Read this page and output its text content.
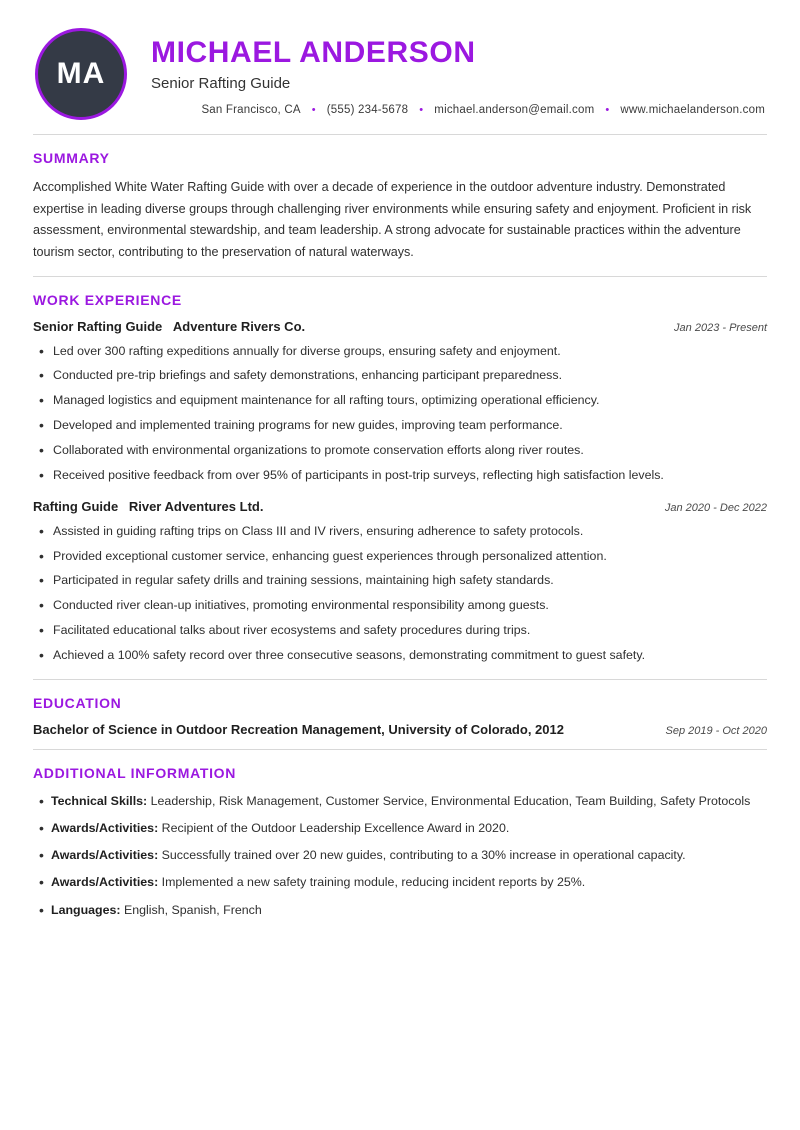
MA
MICHAEL ANDERSON
Senior Rafting Guide
San Francisco, CA • (555) 234-5678 • michael.anderson@email.com • www.michaelanderson.com
SUMMARY

Accomplished White Water Rafting Guide with over a decade of experience in the outdoor adventure industry. Demonstrated expertise in leading diverse groups through challenging river environments while ensuring safety and enjoyment. Proficient in risk assessment, environmental stewardship, and team leadership. A strong advocate for sustainable practices within the adventure tourism sector, contributing to the preservation of natural waterways.

WORK EXPERIENCE
Senior Rafting Guide Adventure Rivers Co.	Jan 2023 - Present
• Led over 300 rafting expeditions annually for diverse groups, ensuring safety and enjoyment.
• Conducted pre-trip briefings and safety demonstrations, enhancing participant preparedness.
• Managed logistics and equipment maintenance for all rafting tours, optimizing operational efficiency.
• Developed and implemented training programs for new guides, improving team performance.
• Collaborated with environmental organizations to promote conservation efforts along river routes.
• Received positive feedback from over 95% of participants in post-trip surveys, reflecting high satisfaction levels.
Rafting Guide River Adventures Ltd.	Jan 2020 - Dec 2022
• Assisted in guiding rafting trips on Class III and IV rivers, ensuring adherence to safety protocols.
• Provided exceptional customer service, enhancing guest experiences through personalized attention.
• Participated in regular safety drills and training sessions, maintaining high safety standards.
• Conducted river clean-up initiatives, promoting environmental responsibility among guests.
• Facilitated educational talks about river ecosystems and safety procedures during trips.
• Achieved a 100% safety record over three consecutive seasons, demonstrating commitment to guest safety.
EDUCATION
Bachelor of Science in Outdoor Recreation Management, University of Colorado, 2012	Sep 2019 - Oct 2020
ADDITIONAL INFORMATION
• Technical Skills: Leadership, Risk Management, Customer Service, Environmental Education, Team Building, Safety Protocols
• Awards/Activities: Recipient of the Outdoor Leadership Excellence Award in 2020.
• Awards/Activities: Successfully trained over 20 new guides, contributing to a 30% increase in operational capacity.
• Awards/Activities: Implemented a new safety training module, reducing incident reports by 25%.
• Languages: English, Spanish, French
